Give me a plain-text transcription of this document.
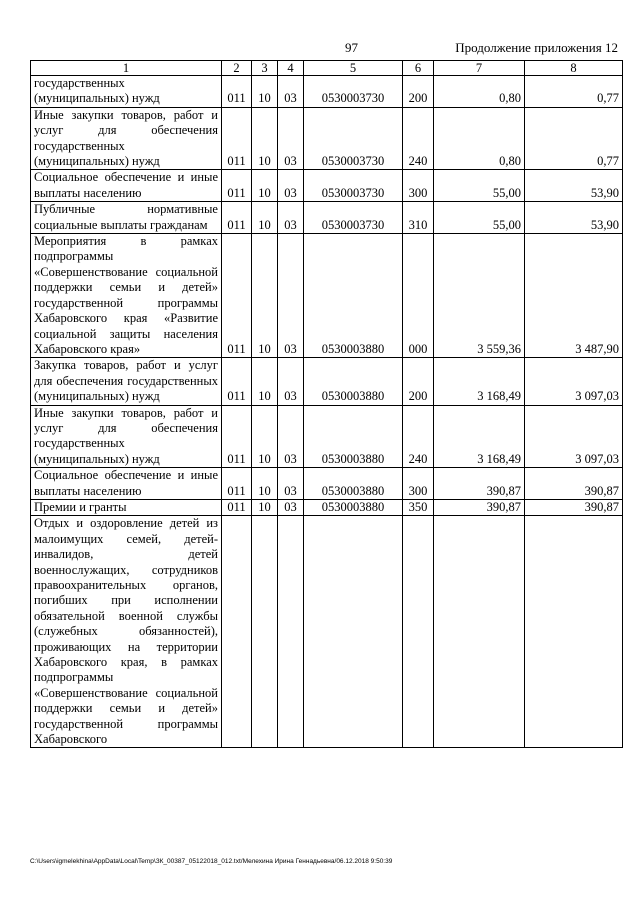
97	Продолжение приложения 12
1	2	3	4	5	6	7	8
государственных (муниципальных) нужд	011	10	03	0530003730	200	0,80	0,77
Иные закупки товаров, работ и услуг для обеспечения государственных (муниципальных) нужд	011	10	03	0530003730	240	0,80	0,77
Социальное обеспечение и иные выплаты населению	011	10	03	0530003730	300	55,00	53,90
Публичные нормативные социальные выплаты гражданам	011	10	03	0530003730	310	55,00	53,90
Мероприятия в рамках подпрограммы «Совершенствование социальной поддержки семьи и детей» государственной программы Хабаровского края «Развитие социальной защиты населения Хабаровского края»	011	10	03	0530003880	000	3 559,36	3 487,90
Закупка товаров, работ и услуг для обеспечения государственных (муниципальных) нужд	011	10	03	0530003880	200	3 168,49	3 097,03
Иные закупки товаров, работ и услуг для обеспечения государственных (муниципальных) нужд	011	10	03	0530003880	240	3 168,49	3 097,03
Социальное обеспечение и иные выплаты населению	011	10	03	0530003880	300	390,87	390,87
Премии и гранты	011	10	03	0530003880	350	390,87	390,87
Отдых и оздоровление детей из малоимущих семей, детей-инвалидов, детей военнослужащих, сотрудников правоохранительных органов, погибших при исполнении обязательной военной службы (служебных обязанностей), проживающих на территории Хабаровского края, в рамках подпрограммы «Совершенствование социальной поддержки семьи и детей» государственной программы Хабаровского							
C:\Users\igmelekhina\AppData\Local\Temp\ЗК_00387_05122018_012.txt/Мелехина Ирина Геннадьевна/06.12.2018 9:50:39
